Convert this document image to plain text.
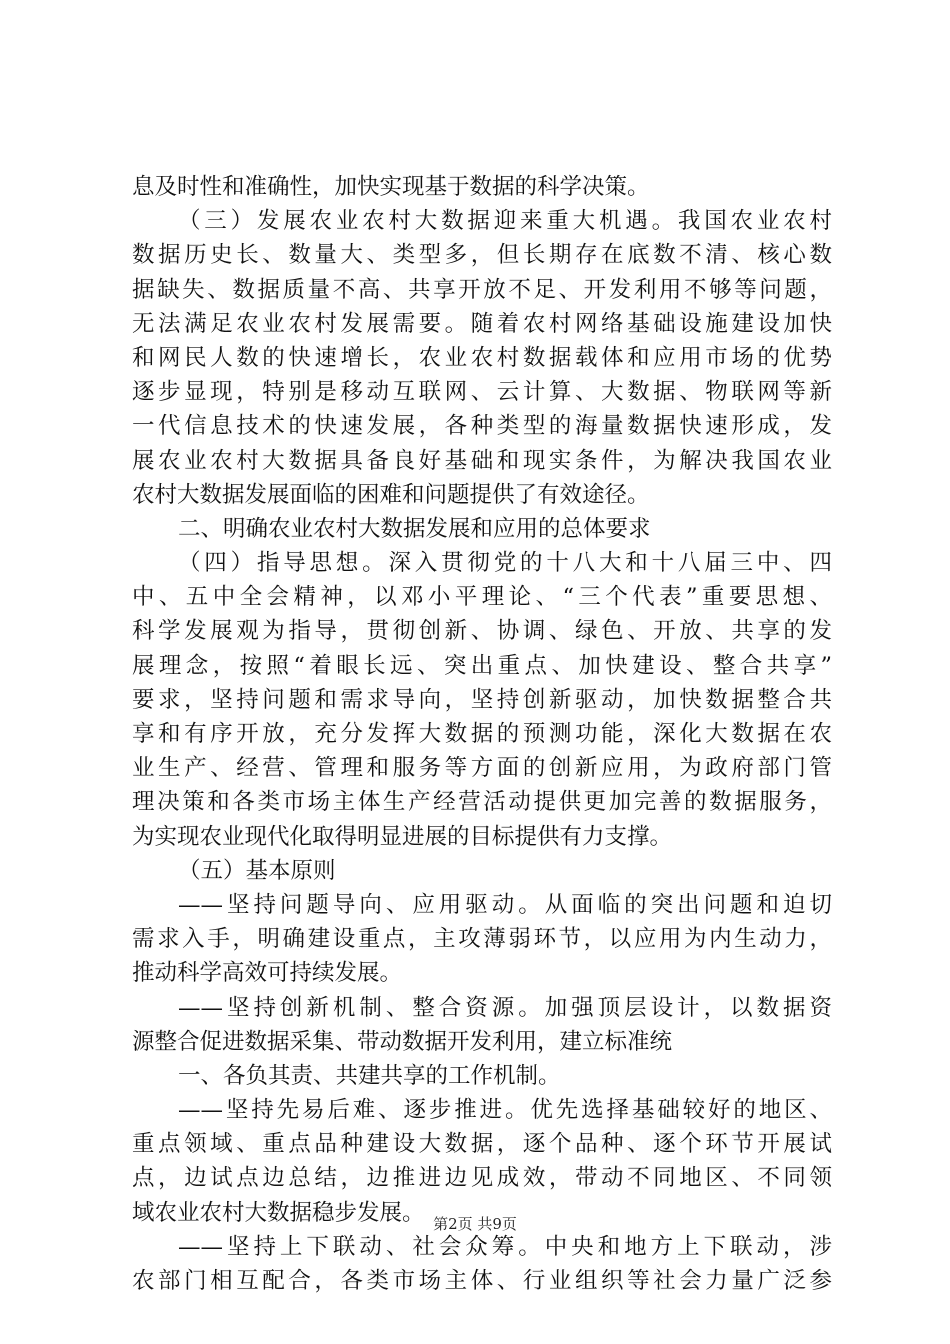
息及时性和准确性，加快实现基于数据的科学决策。
（三）发展农业农村大数据迎来重大机遇。我国农业农村
数据历史长、数量大、类型多，但长期存在底数不清、核心数
据缺失、数据质量不高、共享开放不足、开发利用不够等问题，
无法满足农业农村发展需要。随着农村网络基础设施建设加快
和网民人数的快速增长，农业农村数据载体和应用市场的优势
逐步显现，特别是移动互联网、云计算、大数据、物联网等新
一代信息技术的快速发展，各种类型的海量数据快速形成，发
展农业农村大数据具备良好基础和现实条件，为解决我国农业
农村大数据发展面临的困难和问题提供了有效途径。
二、明确农业农村大数据发展和应用的总体要求
（四）指导思想。深入贯彻党的十八大和十八届三中、四
中、五中全会精神，以邓小平理论、“三个代表”重要思想、
科学发展观为指导，贯彻创新、协调、绿色、开放、共享的发
展理念，按照“着眼长远、突出重点、加快建设、整合共享”
要求，坚持问题和需求导向，坚持创新驱动，加快数据整合共
享和有序开放，充分发挥大数据的预测功能，深化大数据在农
业生产、经营、管理和服务等方面的创新应用，为政府部门管
理决策和各类市场主体生产经营活动提供更加完善的数据服务，
为实现农业现代化取得明显进展的目标提供有力支撑。
（五）基本原则
——坚持问题导向、应用驱动。从面临的突出问题和迫切
需求入手，明确建设重点，主攻薄弱环节，以应用为内生动力，
推动科学高效可持续发展。
——坚持创新机制、整合资源。加强顶层设计，以数据资
源整合促进数据采集、带动数据开发利用，建立标准统
一、各负其责、共建共享的工作机制。
——坚持先易后难、逐步推进。优先选择基础较好的地区、
重点领域、重点品种建设大数据，逐个品种、逐个环节开展试
点，边试点边总结，边推进边见成效，带动不同地区、不同领
域农业农村大数据稳步发展。
——坚持上下联动、社会众筹。中央和地方上下联动，涉
农部门相互配合，各类市场主体、行业组织等社会力量广泛参
第2页 共9页
